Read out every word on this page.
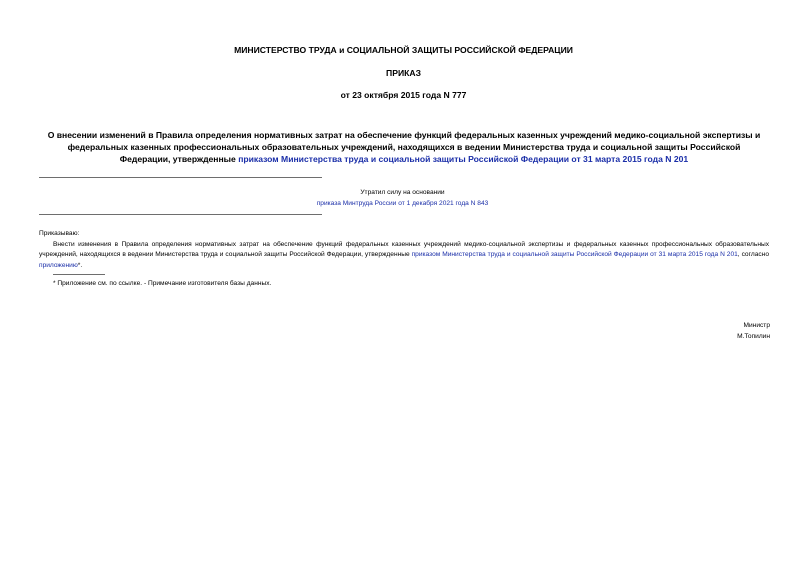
МИНИСТЕРСТВО ТРУДА и СОЦИАЛЬНОЙ ЗАЩИТЫ РОССИЙСКОЙ ФЕДЕРАЦИИ
ПРИКАЗ
от 23 октября 2015 года N 777
О внесении изменений в Правила определения нормативных затрат на обеспечение функций федеральных казенных учреждений медико-социальной экспертизы и федеральных казенных профессиональных образовательных учреждений, находящихся в ведении Министерства труда и социальной защиты Российской Федерации, утвержденные приказом Министерства труда и социальной защиты Российской Федерации от 31 марта 2015 года N 201
Утратил силу на основании
приказа Минтруда России от 1 декабря 2021 года N 843

Приказываю:

Внести изменения в Правила определения нормативных затрат на обеспечение функций федеральных казенных учреждений медико-социальной экспертизы и федеральных казенных профессиональных образовательных учреждений, находящихся в ведении Министерства труда и социальной защиты Российской Федерации, утвержденные приказом Министерства труда и социальной защиты Российской Федерации от 31 марта 2015 года N 201, согласно приложению*.

* Приложение см. по ссылке. - Примечание изготовителя базы данных.
Министр
М.Топилин
